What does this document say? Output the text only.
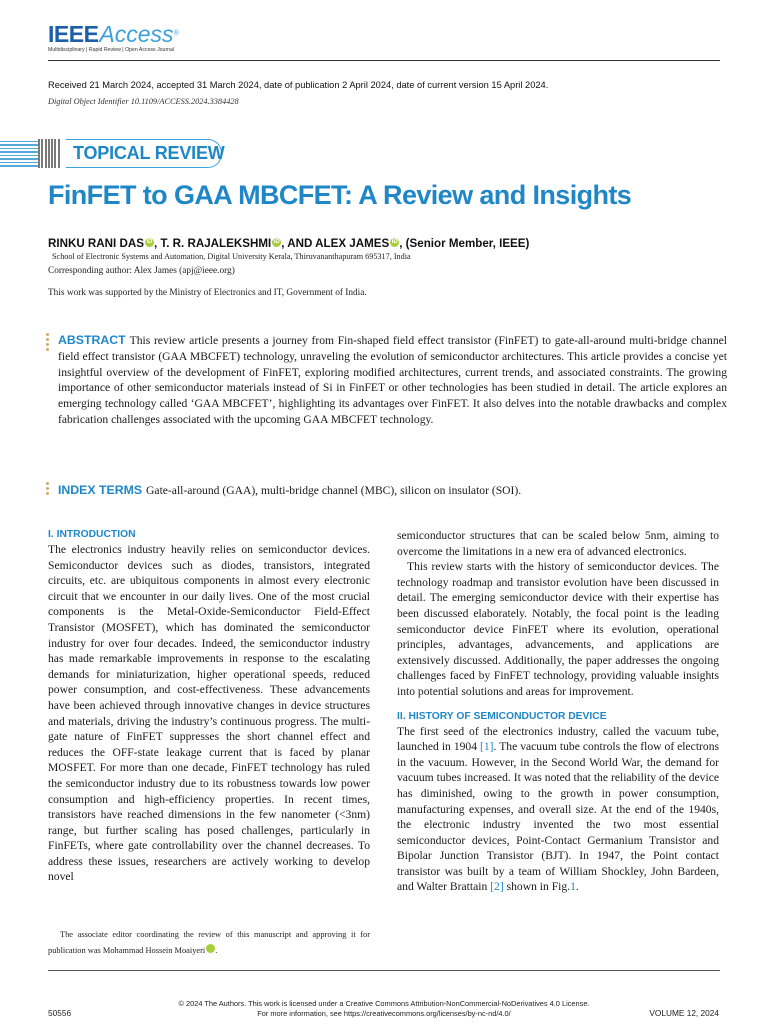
IEEEAccess®
Multidisciplinary | Rapid Review | Open Access Journal
Received 21 March 2024, accepted 31 March 2024, date of publication 2 April 2024, date of current version 15 April 2024.
Digital Object Identifier 10.1109/ACCESS.2024.3384428
TOPICAL REVIEW
FinFET to GAA MBCFET: A Review and Insights
RINKU RANI DAS iD , T. R. RAJALEKSHMI iD , AND ALEX JAMES iD , (Senior Member, IEEE)
School of Electronic Systems and Automation, Digital University Kerala, Thiruvananthapuram 695317, India
Corresponding author: Alex James (apj@ieee.org)
This work was supported by the Ministry of Electronics and IT, Government of India.
ABSTRACT This review article presents a journey from Fin-shaped field effect transistor (FinFET) to gate-all-around multi-bridge channel field effect transistor (GAA MBCFET) technology, unraveling the evolution of semiconductor architectures. This article provides a concise yet insightful overview of the development of FinFET, exploring modified architectures, current trends, and associated constraints. The growing importance of other semiconductor materials instead of Si in FinFET or other technologies has been studied in detail. The article explores an emerging technology called ‘GAA MBCFET’, highlighting its advantages over FinFET. It also delves into the notable drawbacks and complex fabrication challenges associated with the upcoming GAA MBCFET technology.
INDEX TERMS Gate-all-around (GAA), multi-bridge channel (MBC), silicon on insulator (SOI).
I. INTRODUCTION

The electronics industry heavily relies on semiconductor devices. Semiconductor devices such as diodes, transistors, integrated circuits, etc. are ubiquitous components in almost every electronic circuit that we encounter in our daily lives. One of the most crucial components is the Metal-Oxide-Semiconductor Field-Effect Transistor (MOSFET), which has dominated the semiconductor industry for over four decades. Indeed, the semiconductor industry has made remarkable improvements in response to the escalating demands for miniaturization, higher operational speeds, reduced power consumption, and cost-effectiveness. These advancements have been achieved through innovative changes in device structures and materials, driving the industry’s continuous progress. The multi-gate nature of FinFET suppresses the short channel effect and reduces the OFF-state leakage current that is faced by planar MOSFET. For more than one decade, FinFET technology has ruled the semiconductor industry due to its robustness towards low power consumption and high-efficiency properties. In recent times, transistors have reached dimensions in the few nanometer (<3nm) range, but further scaling has posed challenges, particularly in FinFETs, where gate controllability over the channel decreases. To address these issues, researchers are actively working to develop novel

semiconductor structures that can be scaled below 5nm, aiming to overcome the limitations in a new era of advanced electronics.

This review starts with the history of semiconductor devices. The technology roadmap and transistor evolution have been discussed in detail. The emerging semiconductor device with their expertise has been discussed elaborately. Notably, the focal point is the leading semiconductor device FinFET where its evolution, operational principles, advantages, advancements, and applications are extensively discussed. Additionally, the paper addresses the ongoing challenges faced by FinFET technology, providing valuable insights into potential solutions and areas for improvement.

II. HISTORY OF SEMICONDUCTOR DEVICE

The first seed of the electronics industry, called the vacuum tube, launched in 1904 [1]. The vacuum tube controls the flow of electrons in the vacuum. However, in the Second World War, the demand for vacuum tubes increased. It was noted that the reliability of the device has diminished, owing to the growth in power consumption, manufacturing expenses, and overall size. At the end of the 1940s, the electronic industry invented the two most essential semiconductor devices, Point-Contact Germanium Transistor and Bipolar Junction Transistor (BJT). In 1947, the Point contact transistor was built by a team of William Shockley, John Bardeen, and Walter Brattain [2] shown in Fig.1.

The associate editor coordinating the review of this manuscript and approving it for publication was Mohammad Hossein Moaiyeri iD.
50556
© 2024 The Authors. This work is licensed under a Creative Commons Attribution-NonCommercial-NoDerivatives 4.0 License.
For more information, see https://creativecommons.org/licenses/by-nc-nd/4.0/	VOLUME 12, 2024
